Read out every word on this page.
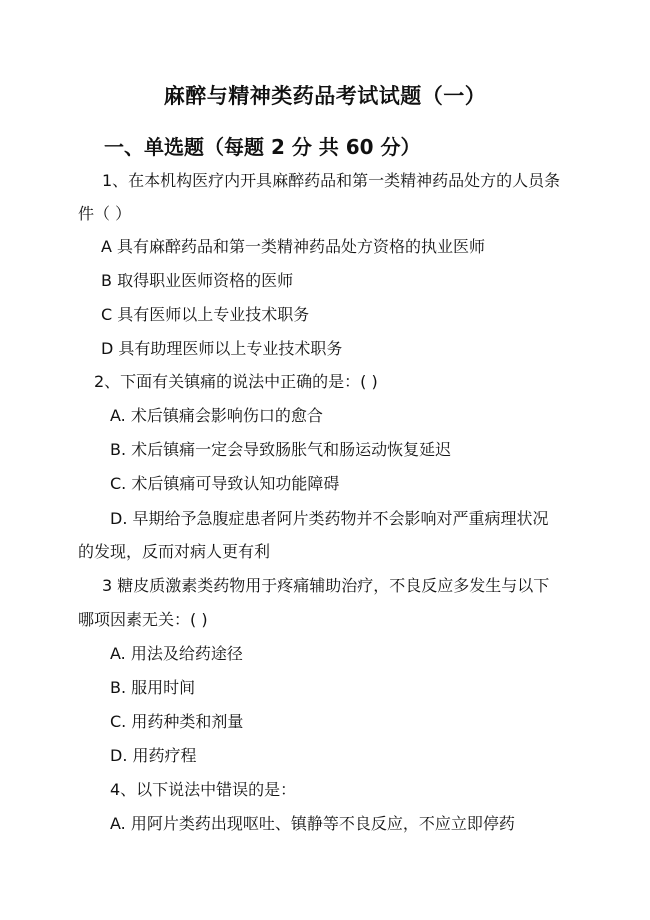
麻醉与精神类药品考试试题（一）
一、单选题（每题 2 分 共 60 分）
1、在本机构医疗内开具麻醉药品和第一类精神药品处方的人员条
件（ ）
A 具有麻醉药品和第一类精神药品处方资格的执业医师
B 取得职业医师资格的医师
C 具有医师以上专业技术职务
D 具有助理医师以上专业技术职务
2、下面有关镇痛的说法中正确的是：( )
A. 术后镇痛会影响伤口的愈合
B. 术后镇痛一定会导致肠胀气和肠运动恢复延迟
C. 术后镇痛可导致认知功能障碍
D. 早期给予急腹症患者阿片类药物并不会影响对严重病理状况
的发现，反而对病人更有利
3 糖皮质激素类药物用于疼痛辅助治疗，不良反应多发生与以下
哪项因素无关：( )
A. 用法及给药途径
B. 服用时间
C. 用药种类和剂量
D. 用药疗程
4、以下说法中错误的是：
A. 用阿片类药出现呕吐、镇静等不良反应，不应立即停药
